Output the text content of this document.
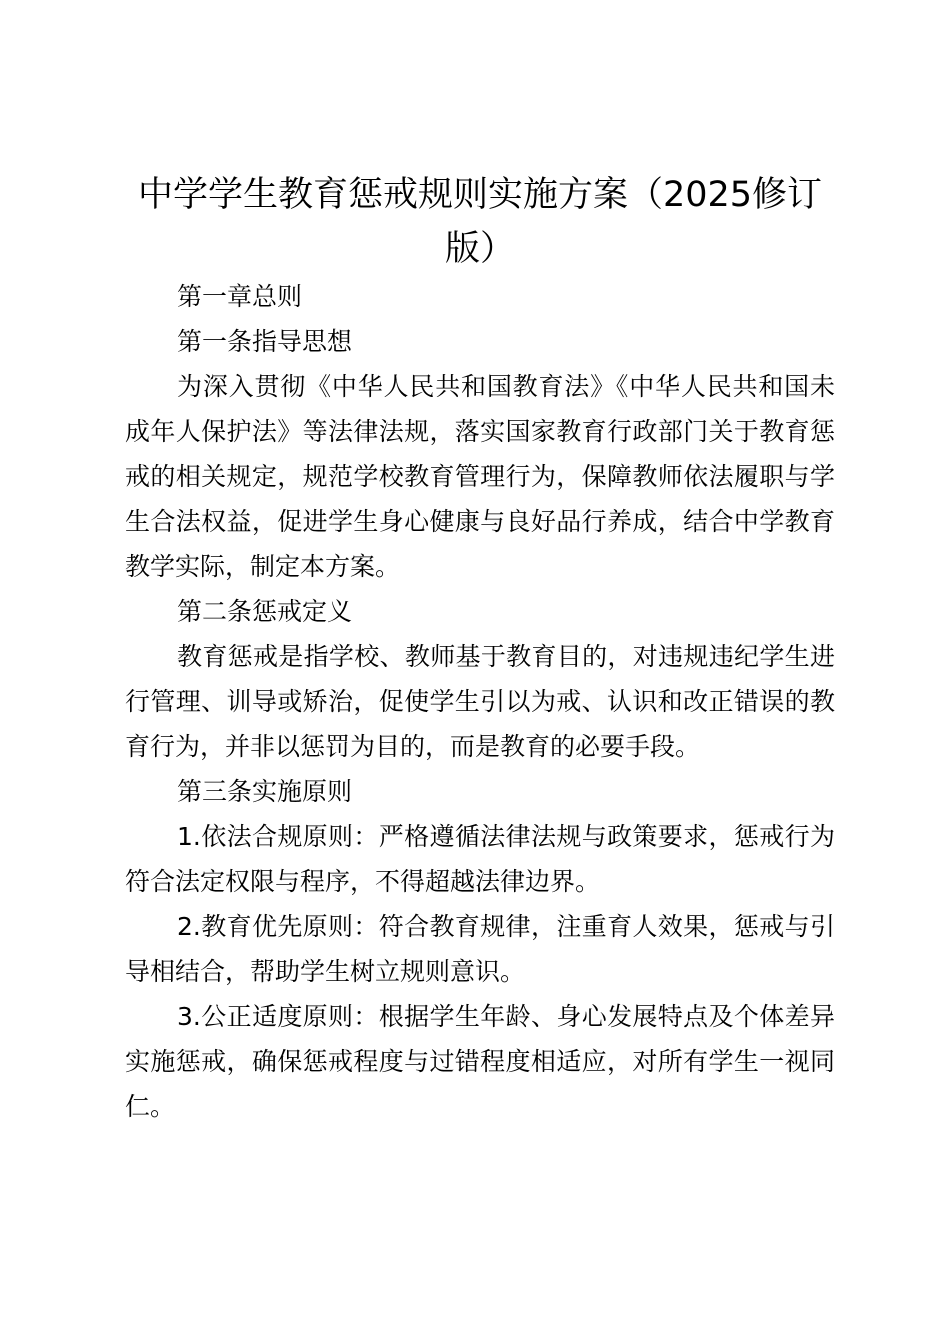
中学学生教育惩戒规则实施方案（2025修订版）

第一章总则

第一条指导思想

为深入贯彻《中华人民共和国教育法》《中华人民共和国未成年人保护法》等法律法规，落实国家教育行政部门关于教育惩戒的相关规定，规范学校教育管理行为，保障教师依法履职与学生合法权益，促进学生身心健康与良好品行养成，结合中学教育教学实际，制定本方案。

第二条惩戒定义

教育惩戒是指学校、教师基于教育目的，对违规违纪学生进行管理、训导或矫治，促使学生引以为戒、认识和改正错误的教育行为，并非以惩罚为目的，而是教育的必要手段。

第三条实施原则

1.依法合规原则：严格遵循法律法规与政策要求，惩戒行为符合法定权限与程序，不得超越法律边界。

2.教育优先原则：符合教育规律，注重育人效果，惩戒与引导相结合，帮助学生树立规则意识。

3.公正适度原则：根据学生年龄、身心发展特点及个体差异实施惩戒，确保惩戒程度与过错程度相适应，对所有学生一视同仁。
